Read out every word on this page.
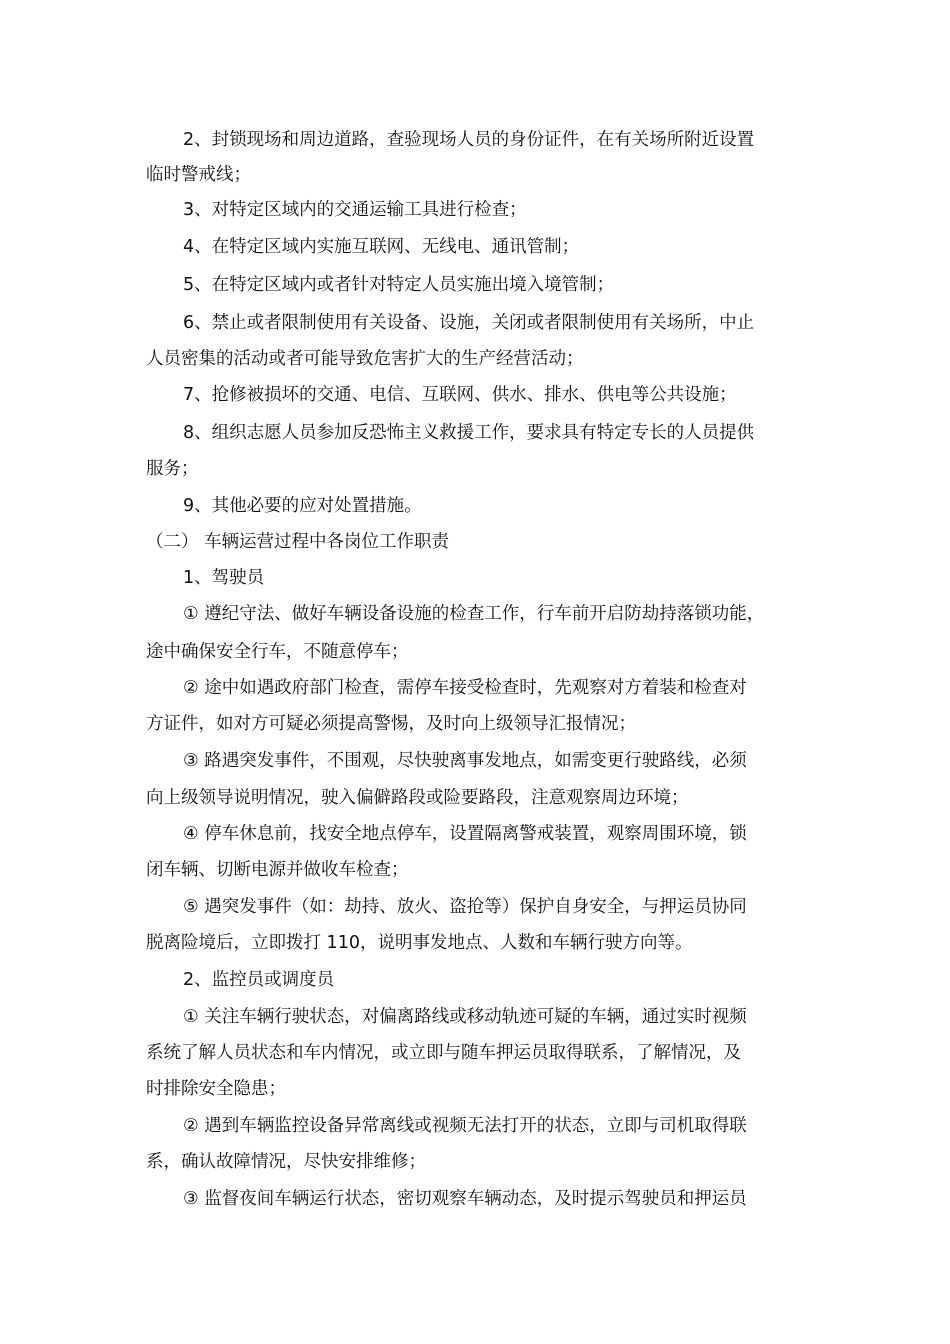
2、封锁现场和周边道路，查验现场人员的身份证件，在有关场所附近设置
临时警戒线；
3、对特定区域内的交通运输工具进行检查；
4、在特定区域内实施互联网、无线电、通讯管制；
5、在特定区域内或者针对特定人员实施出境入境管制；
6、禁止或者限制使用有关设备、设施，关闭或者限制使用有关场所，中止
人员密集的活动或者可能导致危害扩大的生产经营活动；
7、抢修被损坏的交通、电信、互联网、供水、排水、供电等公共设施；
8、组织志愿人员参加反恐怖主义救援工作，要求具有特定专长的人员提供
服务；
9、其他必要的应对处置措施。
（二） 车辆运营过程中各岗位工作职责
1、驾驶员
① 遵纪守法、做好车辆设备设施的检查工作，行车前开启防劫持落锁功能，
途中确保安全行车，不随意停车；
② 途中如遇政府部门检查，需停车接受检查时，先观察对方着装和检查对
方证件，如对方可疑必须提高警惕，及时向上级领导汇报情况；
③ 路遇突发事件，不围观，尽快驶离事发地点，如需变更行驶路线，必须
向上级领导说明情况，驶入偏僻路段或险要路段，注意观察周边环境；
④ 停车休息前，找安全地点停车，设置隔离警戒装置，观察周围环境，锁
闭车辆、切断电源并做收车检查；
⑤ 遇突发事件（如：劫持、放火、盗抢等）保护自身安全，与押运员协同
脱离险境后，立即拨打 110，说明事发地点、人数和车辆行驶方向等。
2、监控员或调度员
① 关注车辆行驶状态，对偏离路线或移动轨迹可疑的车辆，通过实时视频
系统了解人员状态和车内情况，或立即与随车押运员取得联系，了解情况，及
时排除安全隐患；
② 遇到车辆监控设备异常离线或视频无法打开的状态，立即与司机取得联
系，确认故障情况，尽快安排维修；
③ 监督夜间车辆运行状态，密切观察车辆动态，及时提示驾驶员和押运员
